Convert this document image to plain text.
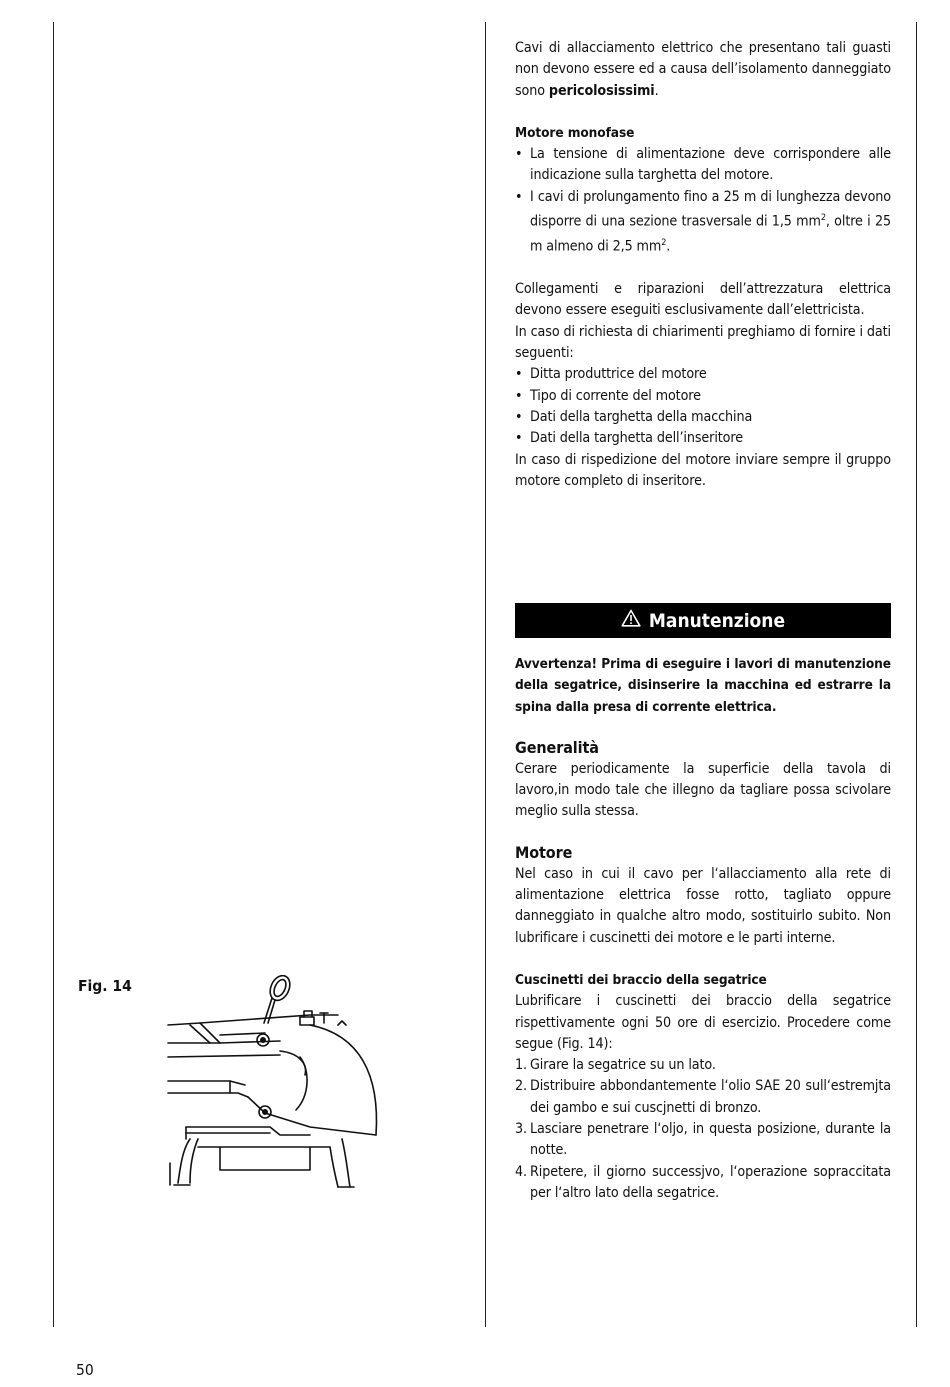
Cavi di allacciamento elettrico che presentano tali guasti non devono essere ed a causa dell’isolamento danneggiato sono pericolosissimi.

Motore monofase
• La tensione di alimentazione deve corrispondere alle indicazione sulla targhetta del motore.
• I cavi di prolungamento fino a 25 m di lunghezza devono disporre di una sezione trasversale di 1,5 $mm^2$, oltre i 25 m almeno di 2,5 $mm^2$.

Collegamenti e riparazioni dell’attrezzatura elettrica devono essere eseguiti esclusivamente dall’elettricista.

In caso di richiesta di chiarimenti preghiamo di fornire i dati seguenti:

• Ditta produttrice del motore
• Tipo di corrente del motore
• Dati della targhetta della macchina
• Dati della targhetta dell’inseritore

In caso di rispedizione del motore inviare sempre il gruppo motore completo di inseritore.

Manutenzione

Avvertenza! Prima di eseguire i lavori di manutenzione della segatrice, disinserire la macchina ed estrarre la spina dalla presa di corrente elettrica.

Generalità

Cerare periodicamente la superficie della tavola di lavoro,in modo tale che illegno da tagliare possa scivolare meglio sulla stessa.

Motore

Nel caso in cui il cavo per l‘allacciamento alla rete di alimentazione elettrica fosse rotto, tagliato oppure danneggiato in qualche altro modo, sostituirlo subito. Non lubrificare i cuscinetti dei motore e le parti interne.

Cuscinetti dei braccio della segatrice

Lubrificare i cuscinetti dei braccio della segatrice rispettivamente ogni 50 ore di esercizio. Procedere come segue (Fig. 14):

1. Girare la segatrice su un lato.
2. Distribuire abbondantemente l‘olio SAE 20 sull‘estremjta dei gambo e sui cuscjnetti di bronzo.
3. Lasciare penetrare l‘oljo, in questa posizione, durante la notte.
4. Ripetere, il giorno successjvo, l‘operazione sopraccitata per l‘altro lato della segatrice.
Fig. 14
50
